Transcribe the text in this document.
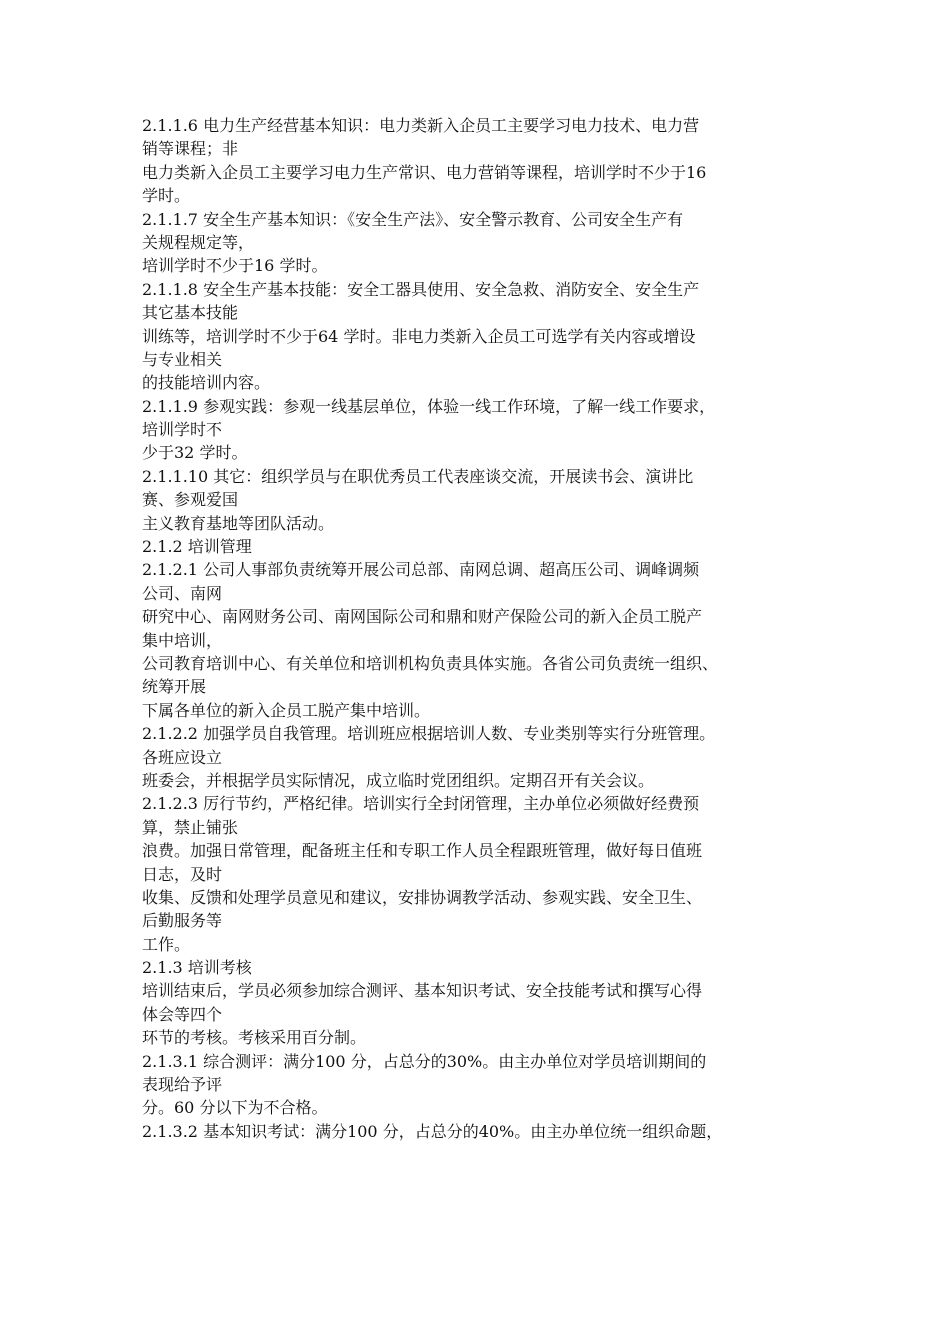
2.1.1.6 电力生产经营基本知识：电力类新入企员工主要学习电力技术、电力营
销等课程；非
电力类新入企员工主要学习电力生产常识、电力营销等课程，培训学时不少于16
学时。
2.1.1.7 安全生产基本知识：《安全生产法》、安全警示教育、公司安全生产有
关规程规定等，
培训学时不少于16 学时。
2.1.1.8 安全生产基本技能：安全工器具使用、安全急救、消防安全、安全生产
其它基本技能
训练等，培训学时不少于64 学时。非电力类新入企员工可选学有关内容或增设
与专业相关
的技能培训内容。
2.1.1.9 参观实践：参观一线基层单位，体验一线工作环境，了解一线工作要求，
培训学时不
少于32 学时。
2.1.1.10 其它：组织学员与在职优秀员工代表座谈交流，开展读书会、演讲比
赛、参观爱国
主义教育基地等团队活动。
2.1.2 培训管理
2.1.2.1 公司人事部负责统筹开展公司总部、南网总调、超高压公司、调峰调频
公司、南网
研究中心、南网财务公司、南网国际公司和鼎和财产保险公司的新入企员工脱产
集中培训，
公司教育培训中心、有关单位和培训机构负责具体实施。各省公司负责统一组织、
统筹开展
下属各单位的新入企员工脱产集中培训。
2.1.2.2 加强学员自我管理。培训班应根据培训人数、专业类别等实行分班管理。
各班应设立
班委会，并根据学员实际情况，成立临时党团组织。定期召开有关会议。
2.1.2.3 厉行节约，严格纪律。培训实行全封闭管理，主办单位必须做好经费预
算，禁止铺张
浪费。加强日常管理，配备班主任和专职工作人员全程跟班管理，做好每日值班
日志，及时
收集、反馈和处理学员意见和建议，安排协调教学活动、参观实践、安全卫生、
后勤服务等
工作。
2.1.3 培训考核
培训结束后，学员必须参加综合测评、基本知识考试、安全技能考试和撰写心得
体会等四个
环节的考核。考核采用百分制。
2.1.3.1 综合测评：满分100 分，占总分的30%。由主办单位对学员培训期间的
表现给予评
分。60 分以下为不合格。
2.1.3.2 基本知识考试：满分100 分，占总分的40%。由主办单位统一组织命题，
